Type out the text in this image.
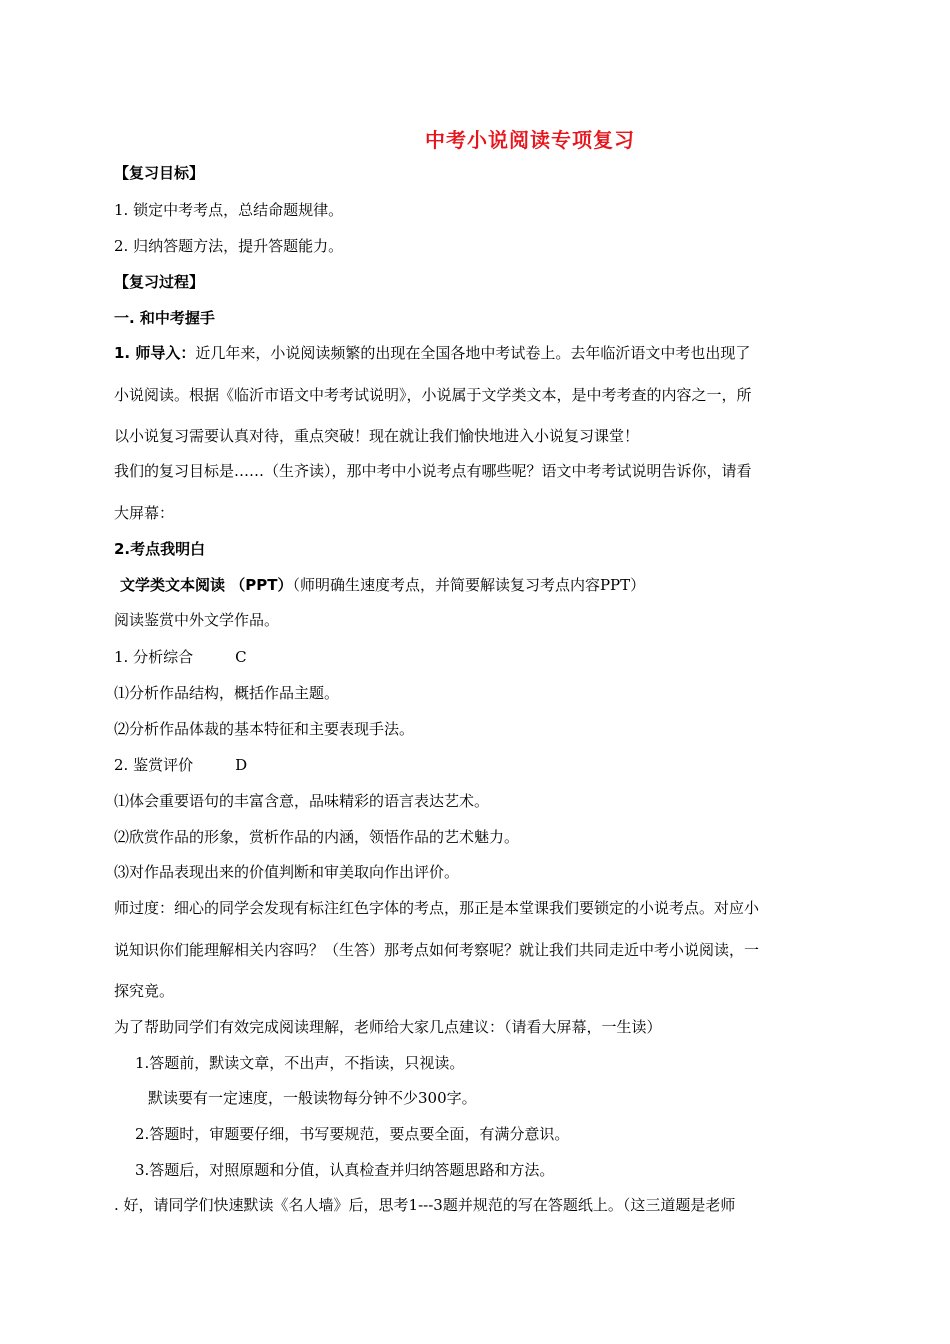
中考小说阅读专项复习
【复习目标】
1. 锁定中考考点，总结命题规律。
2. 归纳答题方法，提升答题能力。
【复习过程】
一. 和中考握手
1. 师导入：近几年来，小说阅读频繁的出现在全国各地中考试卷上。去年临沂语文中考也出现了
小说阅读。根据《临沂市语文中考考试说明》，小说属于文学类文本，是中考考查的内容之一，所
以小说复习需要认真对待，重点突破！现在就让我们愉快地进入小说复习课堂！
我们的复习目标是……（生齐读），那中考中小说考点有哪些呢？语文中考考试说明告诉你，请看
大屏幕：
2.考点我明白
文学类文本阅读 （PPT）（师明确生速度考点，并简要解读复习考点内容PPT）
阅读鉴赏中外文学作品。
1. 分析综合	C
⑴分析作品结构，概括作品主题。
⑵分析作品体裁的基本特征和主要表现手法。
2. 鉴赏评价	D
⑴体会重要语句的丰富含意，品味精彩的语言表达艺术。
⑵欣赏作品的形象，赏析作品的内涵，领悟作品的艺术魅力。
⑶对作品表现出来的价值判断和审美取向作出评价。
师过度：细心的同学会发现有标注红色字体的考点，那正是本堂课我们要锁定的小说考点。对应小
说知识你们能理解相关内容吗？（生答）那考点如何考察呢？就让我们共同走近中考小说阅读，一
探究竟。
为了帮助同学们有效完成阅读理解，老师给大家几点建议：（请看大屏幕，一生读）
1.答题前，默读文章，不出声，不指读，只视读。
默读要有一定速度，一般读物每分钟不少300字。
2.答题时，审题要仔细，书写要规范，要点要全面，有满分意识。
3.答题后，对照原题和分值，认真检查并归纳答题思路和方法。
. 好，请同学们快速默读《名人墙》后，思考1---3题并规范的写在答题纸上。（这三道题是老师
